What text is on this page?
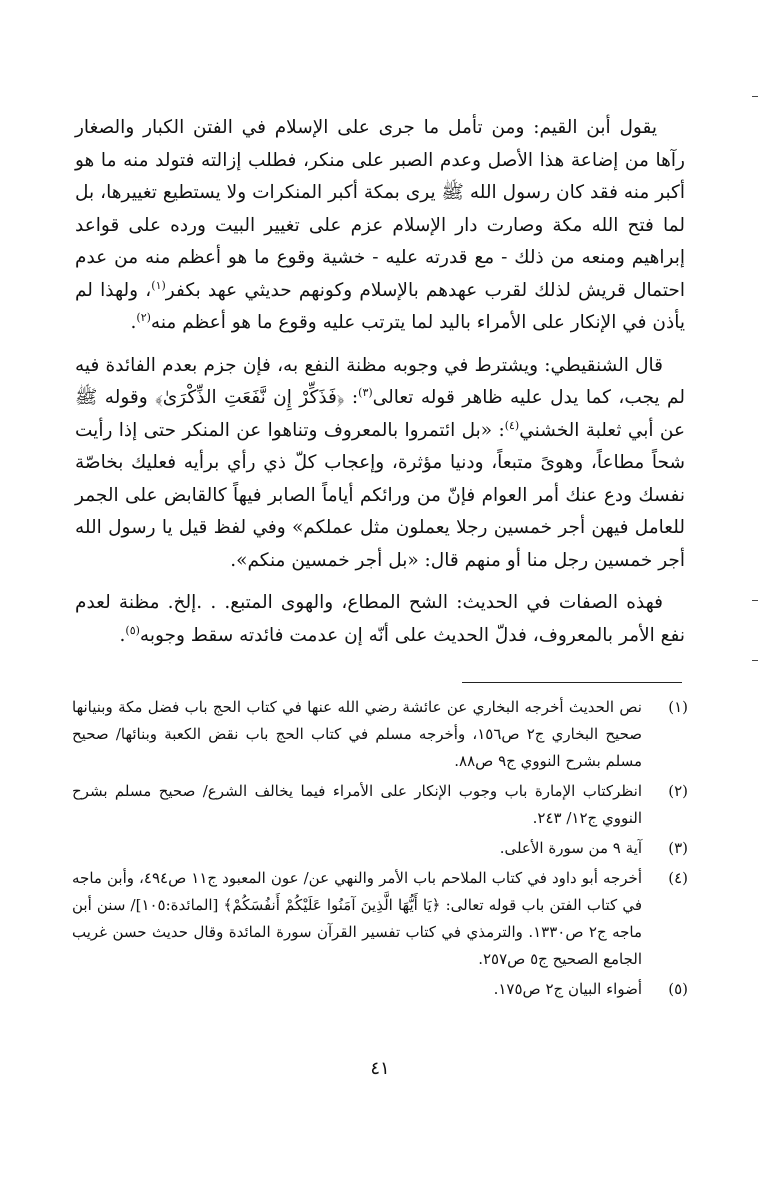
يقول أبن القيم: ومن تأمل ما جرى على الإسلام في الفتن الكبار والصغار رآها من إضاعة هذا الأصل وعدم الصبر على منكر، فطلب إزالته فتولد منه ما هو أكبر منه فقد كان رسول الله ﷺ يرى بمكة أكبر المنكرات ولا يستطيع تغييرها، بل لما فتح الله مكة وصارت دار الإسلام عزم على تغيير البيت ورده على قواعد إبراهيم ومنعه من ذلك - مع قدرته عليه - خشية وقوع ما هو أعظم منه من عدم احتمال قريش لذلك لقرب عهدهم بالإسلام وكونهم حديثي عهد بكفر$^{(١)}$، ولهذا لم يأذن في الإنكار على الأمراء باليد لما يترتب عليه وقوع ما هو أعظم منه$^{(٢)}$.

قال الشنقيطي: ويشترط في وجوبه مظنة النفع به، فإن جزم بعدم الفائدة فيه لم يجب، كما يدل عليه ظاهر قوله تعالى$^{(٣)}$: ﴿فَذَكِّرْ إِن نَّفَعَتِ الذِّكْرَىٰ﴾ وقوله ﷺ عن أبي ثعلبة الخشني$^{(٤)}$: «بل ائتمروا بالمعروف وتناهوا عن المنكر حتى إذا رأيت شحاً مطاعاً، وهوىً متبعاً، ودنيا مؤثرة، وإعجاب كلّ ذي رأي برأيه فعليك بخاصّة نفسك ودع عنك أمر العوام فإنّ من ورائكم أياماً الصابر فيهاً كالقابض على الجمر للعامل فيهن أجر خمسين رجلا يعملون مثل عملكم» وفي لفظ قيل يا رسول الله أجر خمسين رجل منا أو منهم قال: «بل أجر خمسين منكم».

فهذه الصفات في الحديث: الشح المطاع، والهوى المتبع. . .إلخ. مظنة لعدم نفع الأمر بالمعروف، فدلّ الحديث على أنّه إن عدمت فائدته سقط وجوبه$^{(٥)}$.

(١)
نص الحديث أخرجه البخاري عن عائشة رضي الله عنها في كتاب الحج باب فضل مكة وبنيانها صحيح البخاري ج٢ ص١٥٦، وأخرجه مسلم في كتاب الحج باب نقض الكعبة وبنائها/ صحيح مسلم بشرح النووي ج٩ ص٨٨.
(٢)
انظركتاب الإمارة باب وجوب الإنكار على الأمراء فيما يخالف الشرع/ صحيح مسلم بشرح النووي ج١٢/ ٢٤٣.
(٣)
آية ٩ من سورة الأعلى.
(٤)
أخرجه أبو داود في كتاب الملاحم باب الأمر والنهي عن/ عون المعبود ج١١ ص٤٩٤، وأبن ماجه في كتاب الفتن باب قوله تعالى: ﴿يَا أَيُّهَا الَّذِينَ آمَنُوا عَلَيْكُمْ أَنفُسَكُمْ﴾ [المائدة:١٠٥]/ سنن أبن ماجه ج٢ ص١٣٣٠. والترمذي في كتاب تفسير القرآن سورة المائدة وقال حديث حسن غريب الجامع الصحيح ج٥ ص٢٥٧.
(٥)
أضواء البيان ج٢ ص١٧٥.
٤١
